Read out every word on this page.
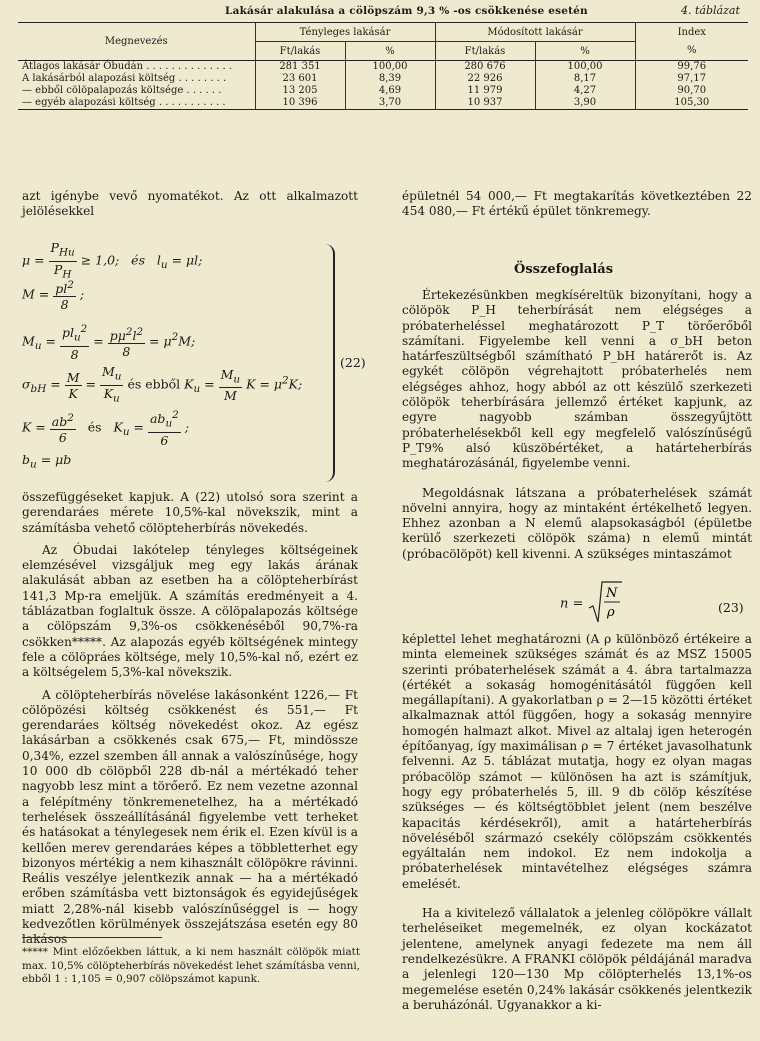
Lakásár alakulása a cölöpszám 9,3 % -os csökkenése esetén	4. táblázat
Megnevezés	Tényleges lakásár		Módosított lakásár		Index
	Ft/lakás	%	Ft/lakás	%	%
Átlagos lakásár Óbudán . . . . . . . . . . . . . .	281 351	100,00	280 676	100,00	99,76
A lakásárból alapozási költség . . . . . . . .	23 601	8,39	22 926	8,17	97,17
— ebből cölöpalapozás költsége . . . . . .	13 205	4,69	11 979	4,27	90,70
— egyéb alapozási költség . . . . . . . . . . .	10 396	3,70	10 937	3,90	105,30
azt igénybe vevő nyomatékot. Az ott alkalmazott jelölésekkel
$\mu = \frac{P_{Hu}}{P_H} \ge 1,0$;   és   $l_u = \mu l$;
$M = \frac{pl^2}{8}$ ;
$M_u = \frac{pl_u^2}{8} = \frac{p\mu^2l^2}{8} = \mu^2M$;
$\sigma_{bH} = \frac{M}{K} = \frac{M_u}{K_u}$ és ebből $K_u = \frac{M_u}{M}$ $K = \mu^2K$;
$K = \frac{ab^2}{6}$ és   $K_u = \frac{ab_u^2}{6}$ ;
$b_u = \mu b$
(22)

összefüggéseket kapjuk. A (22) utolsó sora szerint a gerendaráes mérete 10,5%-kal növekszik, mint a számításba vehető cölöpteherbírás növekedés.

Az Óbudai lakótelep tényleges költségeinek elemzésével vizsgáljuk meg egy lakás árának alakulását abban az esetben ha a cölöpteherbírást 141,3 Mp-ra emeljük. A számítás eredményeit a 4. táblázatban foglaltuk össze. A cölöpalapozás költsége a cölöpszám 9,3%-os csökkenéséből 90,7%-ra csökken*****. Az alapozás egyéb költségének mintegy fele a cölöpráes költsége, mely 10,5%-kal nő, ezért ez a költségelem 5,3%-kal növekszik.

A cölöpteherbírás növelése lakásonként 1226,— Ft cölöpözési költség csökkenést és 551,— Ft gerendaráes költség növekedést okoz. Az egész lakásárban a csökkenés csak 675,— Ft, mindössze 0,34%, ezzel szemben áll annak a valószínűsége, hogy 10 000 db cölöpből 228 db-nál a mértékadó teher nagyobb lesz mint a törőerő. Ez nem vezetne azonnal a felépítmény tönkremenetelhez, ha a mértékadó terhelések összeállításánál figyelembe vett terheket és hatásokat a ténylegesek nem érik el. Ezen kívül is a kellően merev gerendaráes képes a többletterhet egy bizonyos mértékig a nem kihasznált cölöpökre rávinni. Reális veszélye jelentkezik annak — ha a mértékadó erőben számításba vett biztonságok és egyidejűségek miatt 2,28%-nál kisebb valószínűséggel is — hogy kedvezőtlen körülmények összejátszása esetén egy 80 lakásos

***** Mint előzőekben láttuk, a ki nem használt cölöpök miatt max. 10,5% cölöpteherbírás növekedést lehet számításba venni, ebből 1 : 1,105 = 0,907 cölöpszámot kapunk.
épületnél 54 000,— Ft megtakarítás következtében 22 454 080,— Ft értékű épület tönkremegy.
Összefoglalás

Értekezésünkben megkíséreltük bizonyítani, hogy a cölöpök P_H teherbírását nem elégséges a próbaterheléssel meghatározott P_T törőerőből számítani. Figyelembe kell venni a σ_bH beton határfeszültségből számítható P_bH határerőt is. Az egykét cölöpön végrehajtott próbaterhelés nem elégséges ahhoz, hogy abból az ott készülő szerkezeti cölöpök teherbírására jellemző értéket kapjunk, az egyre nagyobb számban összegyűjtött próbaterhelésekből kell egy megfelelő valószínűségű P_T9% alsó küszöbértéket, a határteherbírás meghatározásánál, figyelembe venni.

Megoldásnak látszana a próbaterhelések számát növelni annyira, hogy az mintaként értékelhető legyen. Ehhez azonban a N elemű alapsokaságból (épületbe kerülő szerkezeti cölöpök száma) n elemű mintát (próbacölöpöt) kell kivenni. A szükséges mintaszámot

n =
N
ρ	(23)

képlettel lehet meghatározni (A ρ különböző értékeire a minta elemeinek szükséges számát és az MSZ 15005 szerinti próbaterhelések számát a 4. ábra tartalmazza (értékét a sokaság homogénitásától függően kell megállapítani). A gyakorlatban ρ = 2—15 közötti értéket alkalmaznak attól függően, hogy a sokaság mennyire homogén halmazt alkot. Mivel az altalaj igen heterogén építőanyag, így maximálisan ρ = 7 értéket javasolhatunk felvenni. Az 5. táblázat mutatja, hogy ez olyan magas próbacölöp számot — különösen ha azt is számítjuk, hogy egy próbaterhelés 5, ill. 9 db cölöp készítése szükséges — és költségtöbblet jelent (nem beszélve kapacitás kérdésekről), amit a határteherbírás növeléséből származó csekély cölöpszám csökkentés egyáltalán nem indokol. Ez nem indokolja a próbaterhelések mintavételhez elégséges számra emelését.

Ha a kivitelező vállalatok a jelenleg cölöpökre vállalt terheléseiket megemelnék, ez olyan kockázatot jelentene, amelynek anyagi fedezete ma nem áll rendelkezésükre. A FRANKI cölöpök példájánál maradva a jelenlegi 120—130 Mp cölöpterhelés 13,1%-os megemelése esetén 0,24% lakásár csökkenés jelentkezik a beruházónál. Ugyanakkor a ki-
